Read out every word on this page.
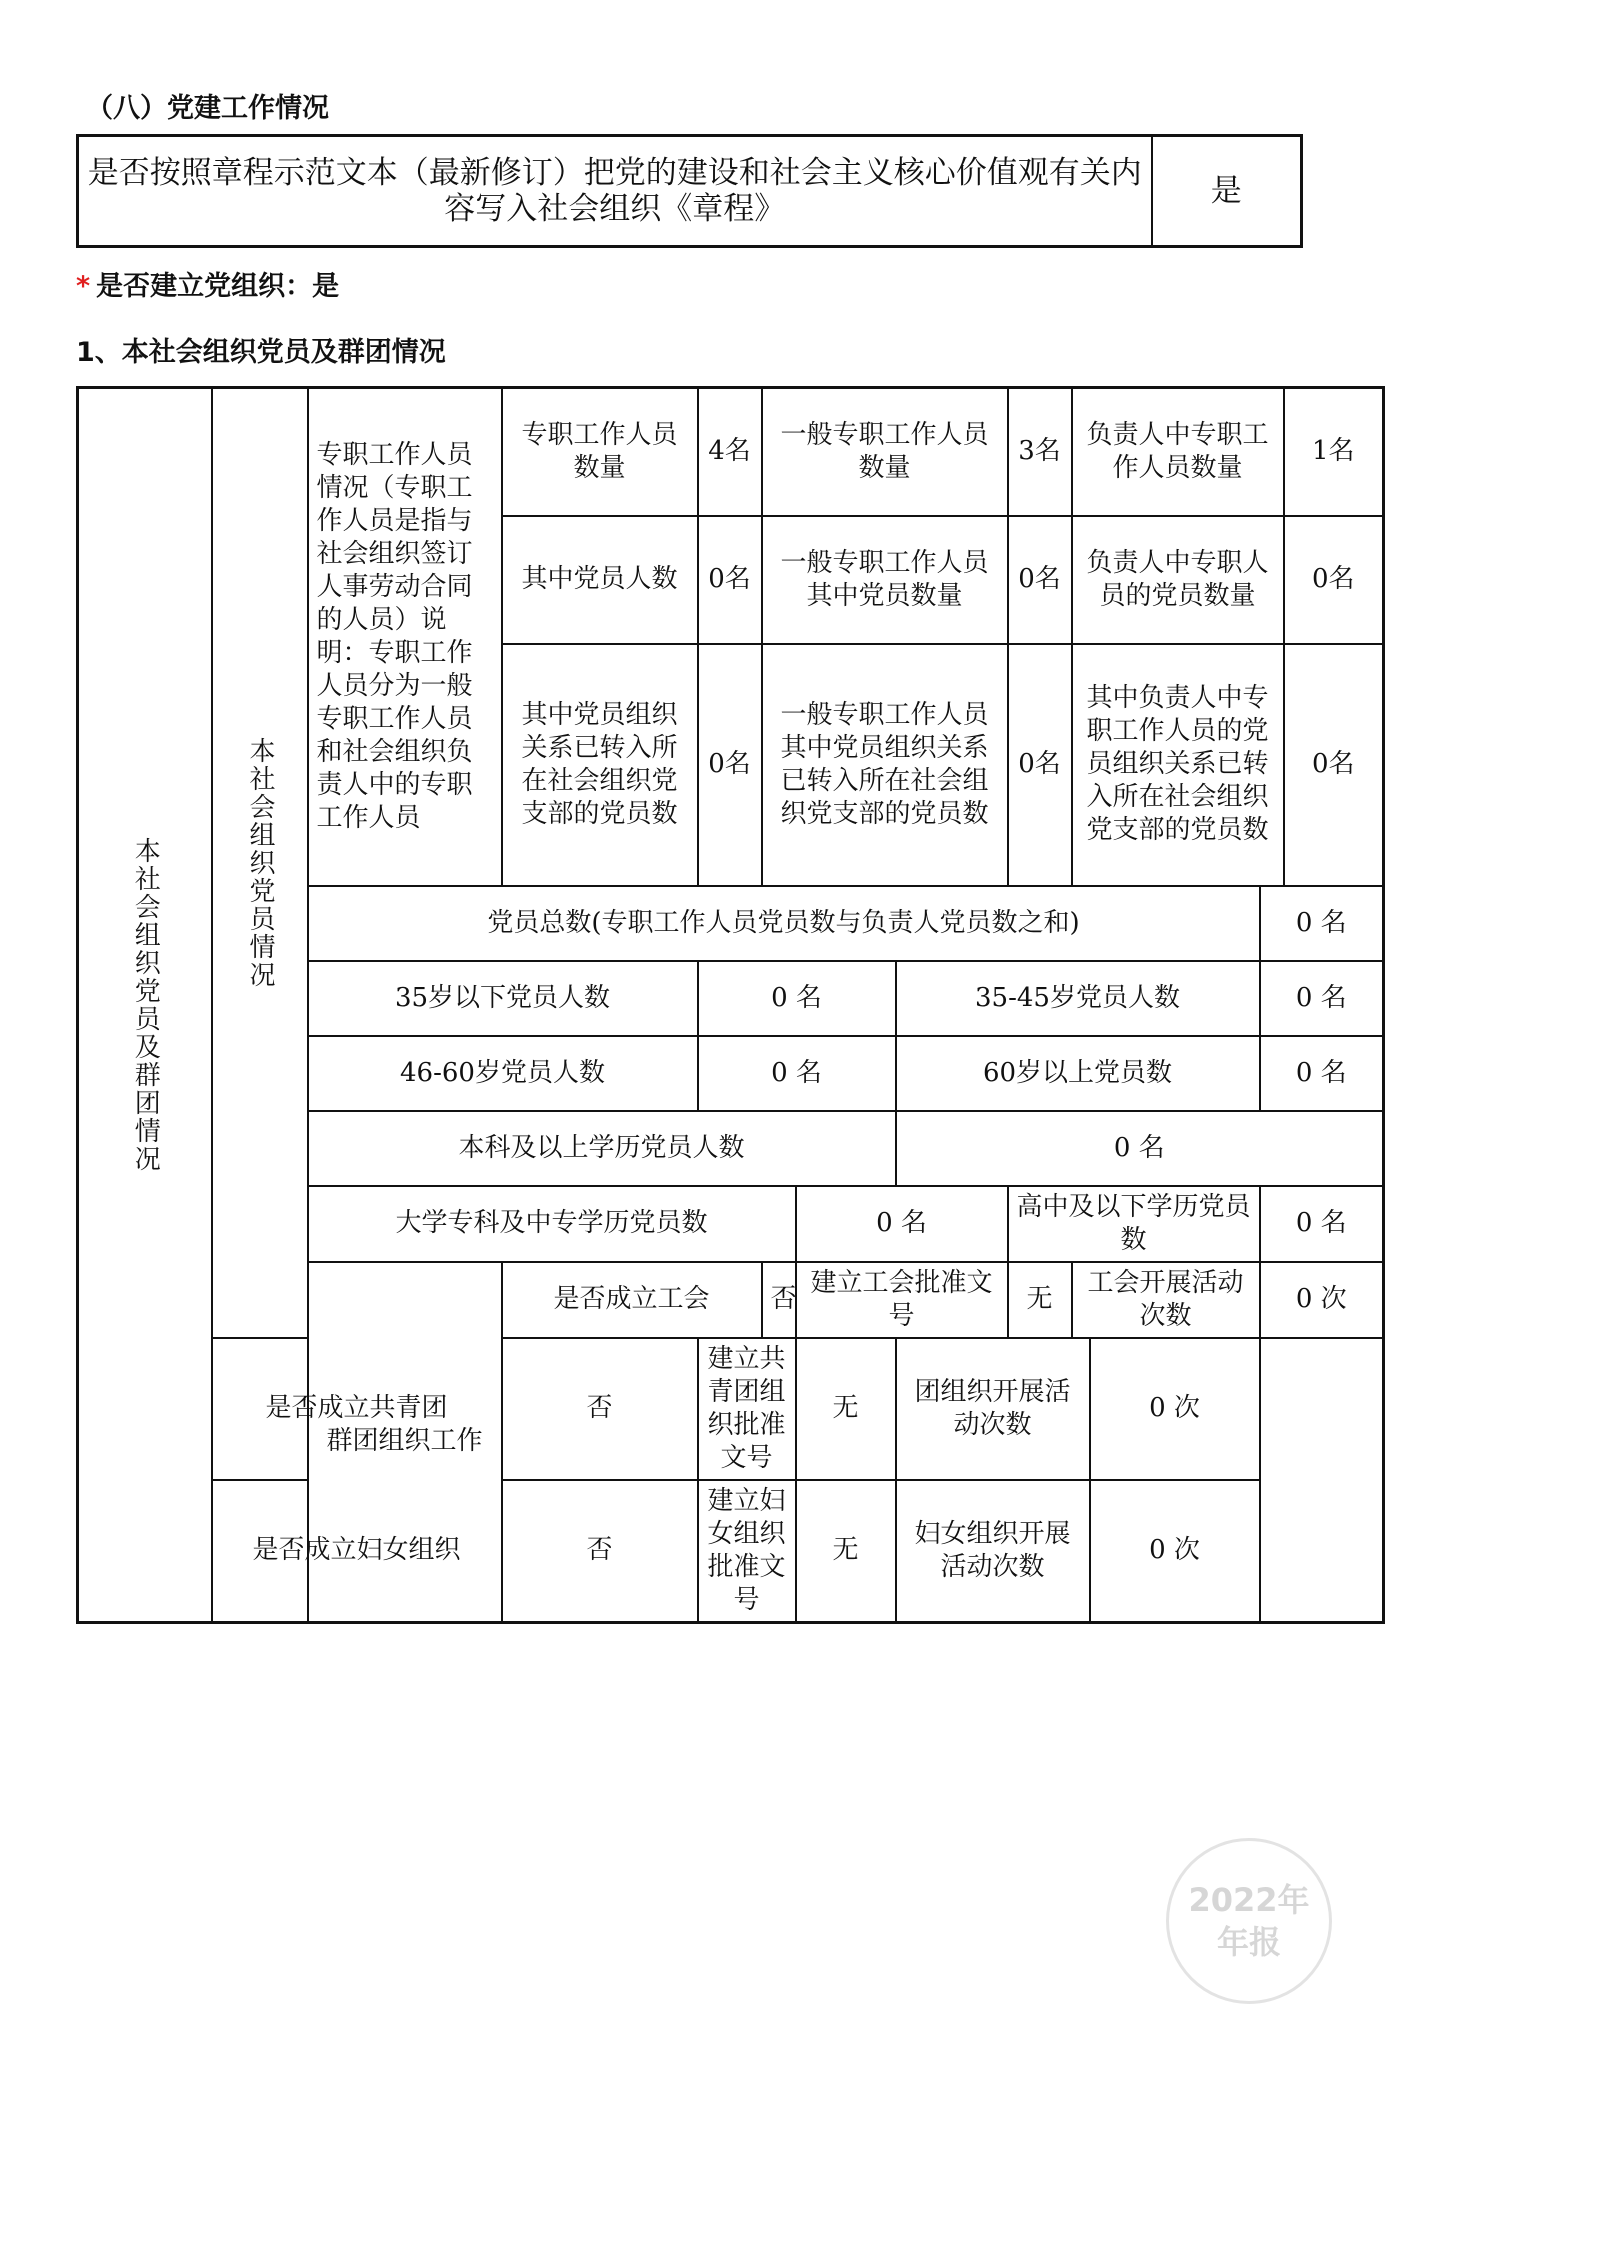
（八）党建工作情况
是否按照章程示范文本（最新修订）把党的建设和社会主义核心价值观有关内容写入社会组织《章程》	是
* 是否建立党组织：是
1、本社会组织党员及群团情况
本社会组织党员及群团情况	本社会组织党员情况	专职工作人员情况（专职工作人员是指与社会组织签订人事劳动合同的人员）说明：专职工作人员分为一般专职工作人员和社会组织负责人中的专职工作人员	专职工作人员数量	4名	一般专职工作人员数量			3名	负责人中专职工作人员数量			1名
			其中党员人数	0名	一般专职工作人员其中党员数量			0名	负责人中专职人员的党员数量			0名
			其中党员组织关系已转入所在社会组织党支部的党员数	0名	一般专职工作人员其中党员组织关系已转入所在社会组织党支部的党员数			0名	其中负责人中专职工作人员的党员组织关系已转入所在社会组织党支部的党员数			0名
		党员总数(专职工作人员党员数与负责人党员数之和)									0 名	
		35岁以下党员人数		0 名			35-45岁党员人数				0 名	
		46-60岁党员人数		0 名			60岁以上党员数				0 名	
		本科及以上学历党员人数					0 名					
		大学专科及中专学历党员数				0 名		高中及以下学历党员数			0 名	
		群团组织工作	是否成立工会		否	建立工会批准文号		无	工会开展活动次数		0 次	
	是否成立共青团		否	建立共青团组织批准文号		无	团组织开展活动次数			0 次		
	是否成立妇女组织		否	建立妇女组织批准文号		无	妇女组织开展活动次数			0 次		
2022年
年报
